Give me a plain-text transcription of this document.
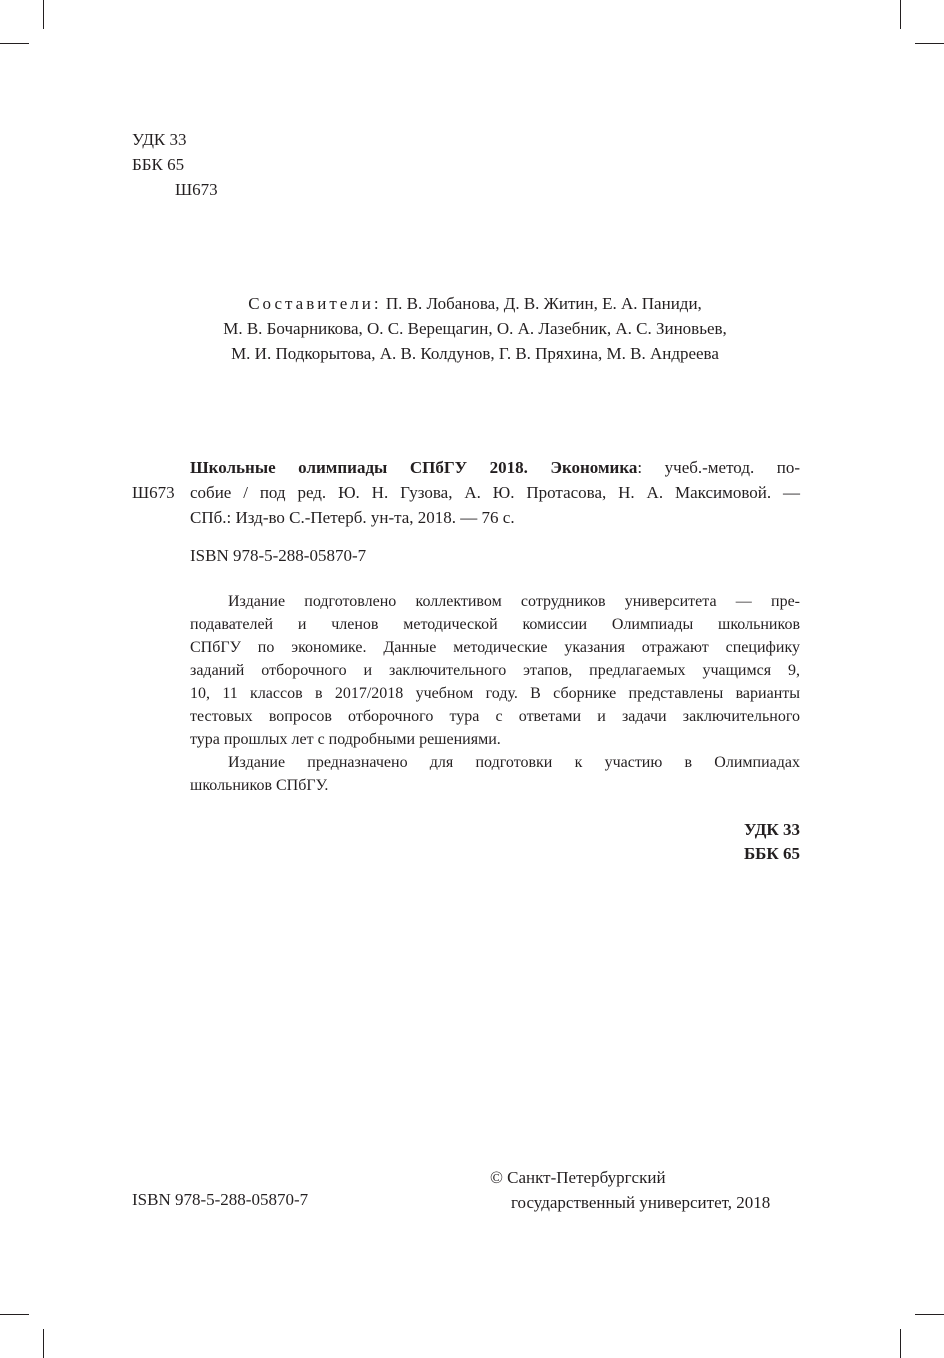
УДК 33
ББК 65
Ш673
Составители: П. В. Лобанова, Д. В. Житин, Е. А. Паниди,
М. В. Бочарникова, О. С. Верещагин, О. А. Лазебник, А. С. Зиновьев,
М. И. Подкорытова, А. В. Колдунов, Г. В. Пряхина, М. В. Андреева
Школьные олимпиады СПбГУ 2018. Экономика: учеб.-метод. по-
Ш673 собие / под ред. Ю. Н. Гузова, А. Ю. Протасова, Н. А. Максимовой. —
СПб.: Изд-во С.-Петерб. ун-та, 2018. — 76 с.
ISBN 978-5-288-05870-7
Издание подготовлено коллективом сотрудников университета — пре-
подавателей и членов методической комиссии Олимпиады школьников
СПбГУ по экономике. Данные методические указания отражают специфику
заданий отборочного и заключительного этапов, предлагаемых учащимся 9,
10, 11 классов в 2017/2018 учебном году. В сборнике представлены варианты
тестовых вопросов отборочного тура с ответами и задачи заключительного
тура прошлых лет с подробными решениями.
Издание предназначено для подготовки к участию в Олимпиадах
школьников СПбГУ.
УДК 33
ББК 65
ISBN 978-5-288-05870-7
© Санкт-Петербургский
государственный университет, 2018
